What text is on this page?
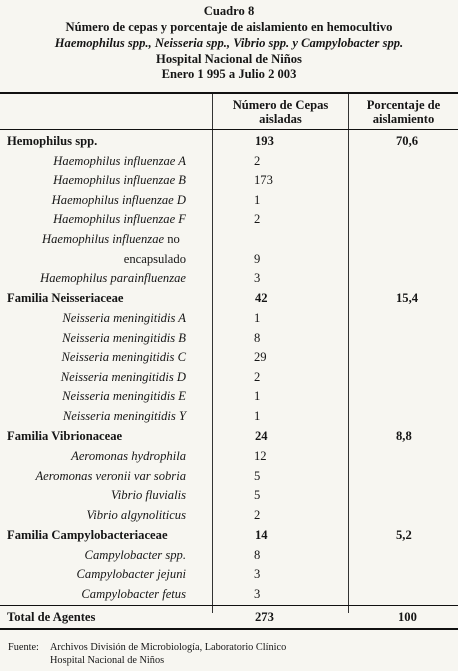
Cuadro 8
Número de cepas y porcentaje de aislamiento en hemocultivo
Haemophilus spp., Neisseria spp., Vibrio spp. y Campylobacter spp.
Hospital Nacional de Niños
Enero 1 995 a Julio 2 003
Número de Cepas
aisladas
Porcentaje de
aislamiento
Hemophilus spp.	193	70,6
Haemophilus influenzae A	2
Haemophilus influenzae B	173
Haemophilus influenzae D	1
Haemophilus influenzae F	2
Haemophilus influenzae no
encapsulado	9
Haemophilus parainfluenzae	3
Familia Neisseriaceae	42	15,4
Neisseria meningitidis A	1
Neisseria meningitidis B	8
Neisseria meningitidis C	29
Neisseria meningitidis D	2
Neisseria meningitidis E	1
Neisseria meningitidis Y	1
Familia Vibrionaceae	24	8,8
Aeromonas hydrophila	12
Aeromonas veronii var sobria	5
Vibrio fluvialis	5
Vibrio algynoliticus	2
Familia Campylobacteriaceae	14	5,2
Campylobacter spp.	8
Campylobacter jejuni	3
Campylobacter fetus	3
Total de Agentes	273	100
Fuente: Archivos División de Microbiología, Laboratorio Clínico
Hospital Nacional de Niños
